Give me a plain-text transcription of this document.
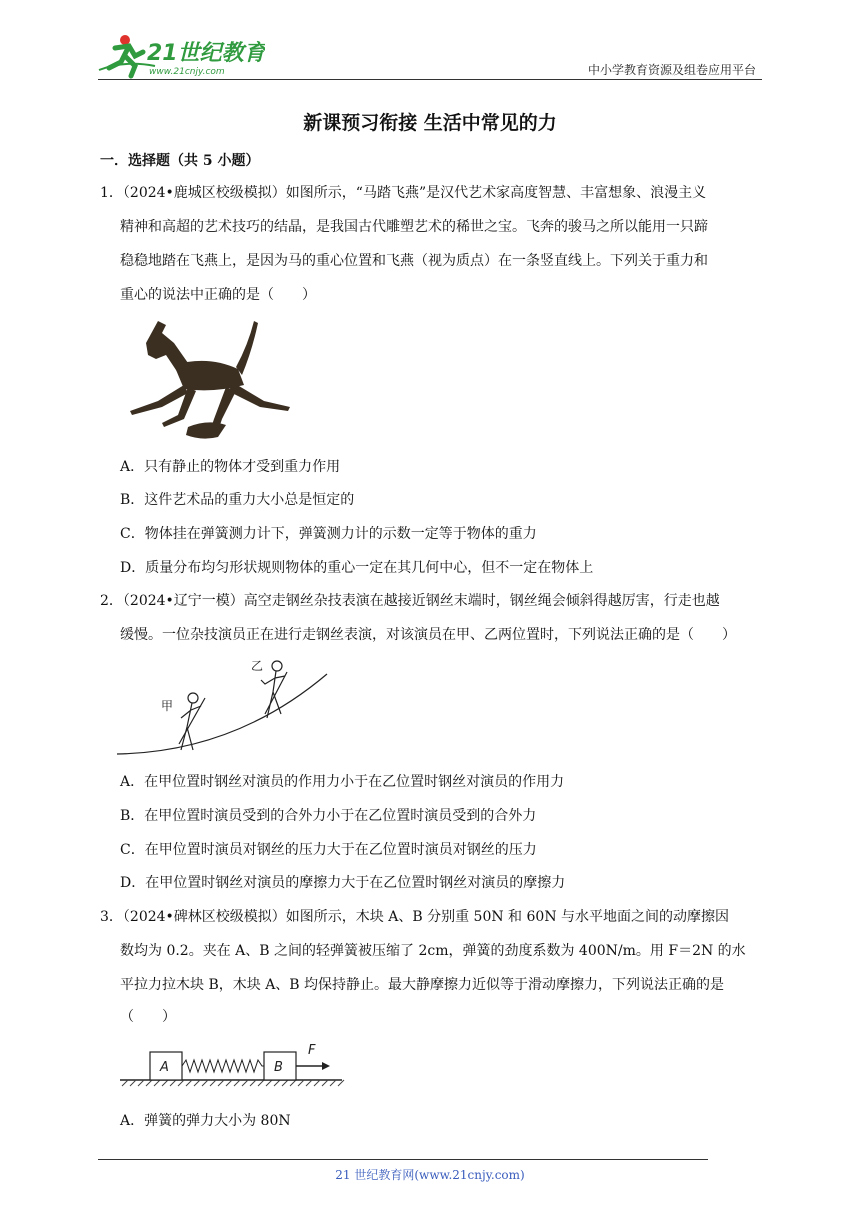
21世纪教育
www.21cnjy.com	中小学教育资源及组卷应用平台
新课预习衔接 生活中常见的力
一．选择题（共 5 小题）
1．（2024•鹿城区校级模拟）如图所示，“马踏飞燕”是汉代艺术家高度智慧、丰富想象、浪漫主义
精神和高超的艺术技巧的结晶，是我国古代雕塑艺术的稀世之宝。飞奔的骏马之所以能用一只蹄
稳稳地踏在飞燕上，是因为马的重心位置和飞燕（视为质点）在一条竖直线上。下列关于重力和
重心的说法中正确的是（　　）
A．只有静止的物体才受到重力作用
B．这件艺术品的重力大小总是恒定的
C．物体挂在弹簧测力计下，弹簧测力计的示数一定等于物体的重力
D．质量分布均匀形状规则物体的重心一定在其几何中心，但不一定在物体上
2．（2024•辽宁一模）高空走钢丝杂技表演在越接近钢丝末端时，钢丝绳会倾斜得越厉害，行走也越
缓慢。一位杂技演员正在进行走钢丝表演，对该演员在甲、乙两位置时，下列说法正确的是（　　）
甲
乙
A．在甲位置时钢丝对演员的作用力小于在乙位置时钢丝对演员的作用力
B．在甲位置时演员受到的合外力小于在乙位置时演员受到的合外力
C．在甲位置时演员对钢丝的压力大于在乙位置时演员对钢丝的压力
D．在甲位置时钢丝对演员的摩擦力大于在乙位置时钢丝对演员的摩擦力
3．（2024•碑林区校级模拟）如图所示，木块 A、B 分别重 50N 和 60N 与水平地面之间的动摩擦因
数均为 0.2。夹在 A、B 之间的轻弹簧被压缩了 2cm，弹簧的劲度系数为 400N/m。用 F＝2N 的水
平拉力拉木块 B，木块 A、B 均保持静止。最大静摩擦力近似等于滑动摩擦力，下列说法正确的是
（　　）
A	B
F
A．弹簧的弹力大小为 80N
21 世纪教育网(www.21cnjy.com)
